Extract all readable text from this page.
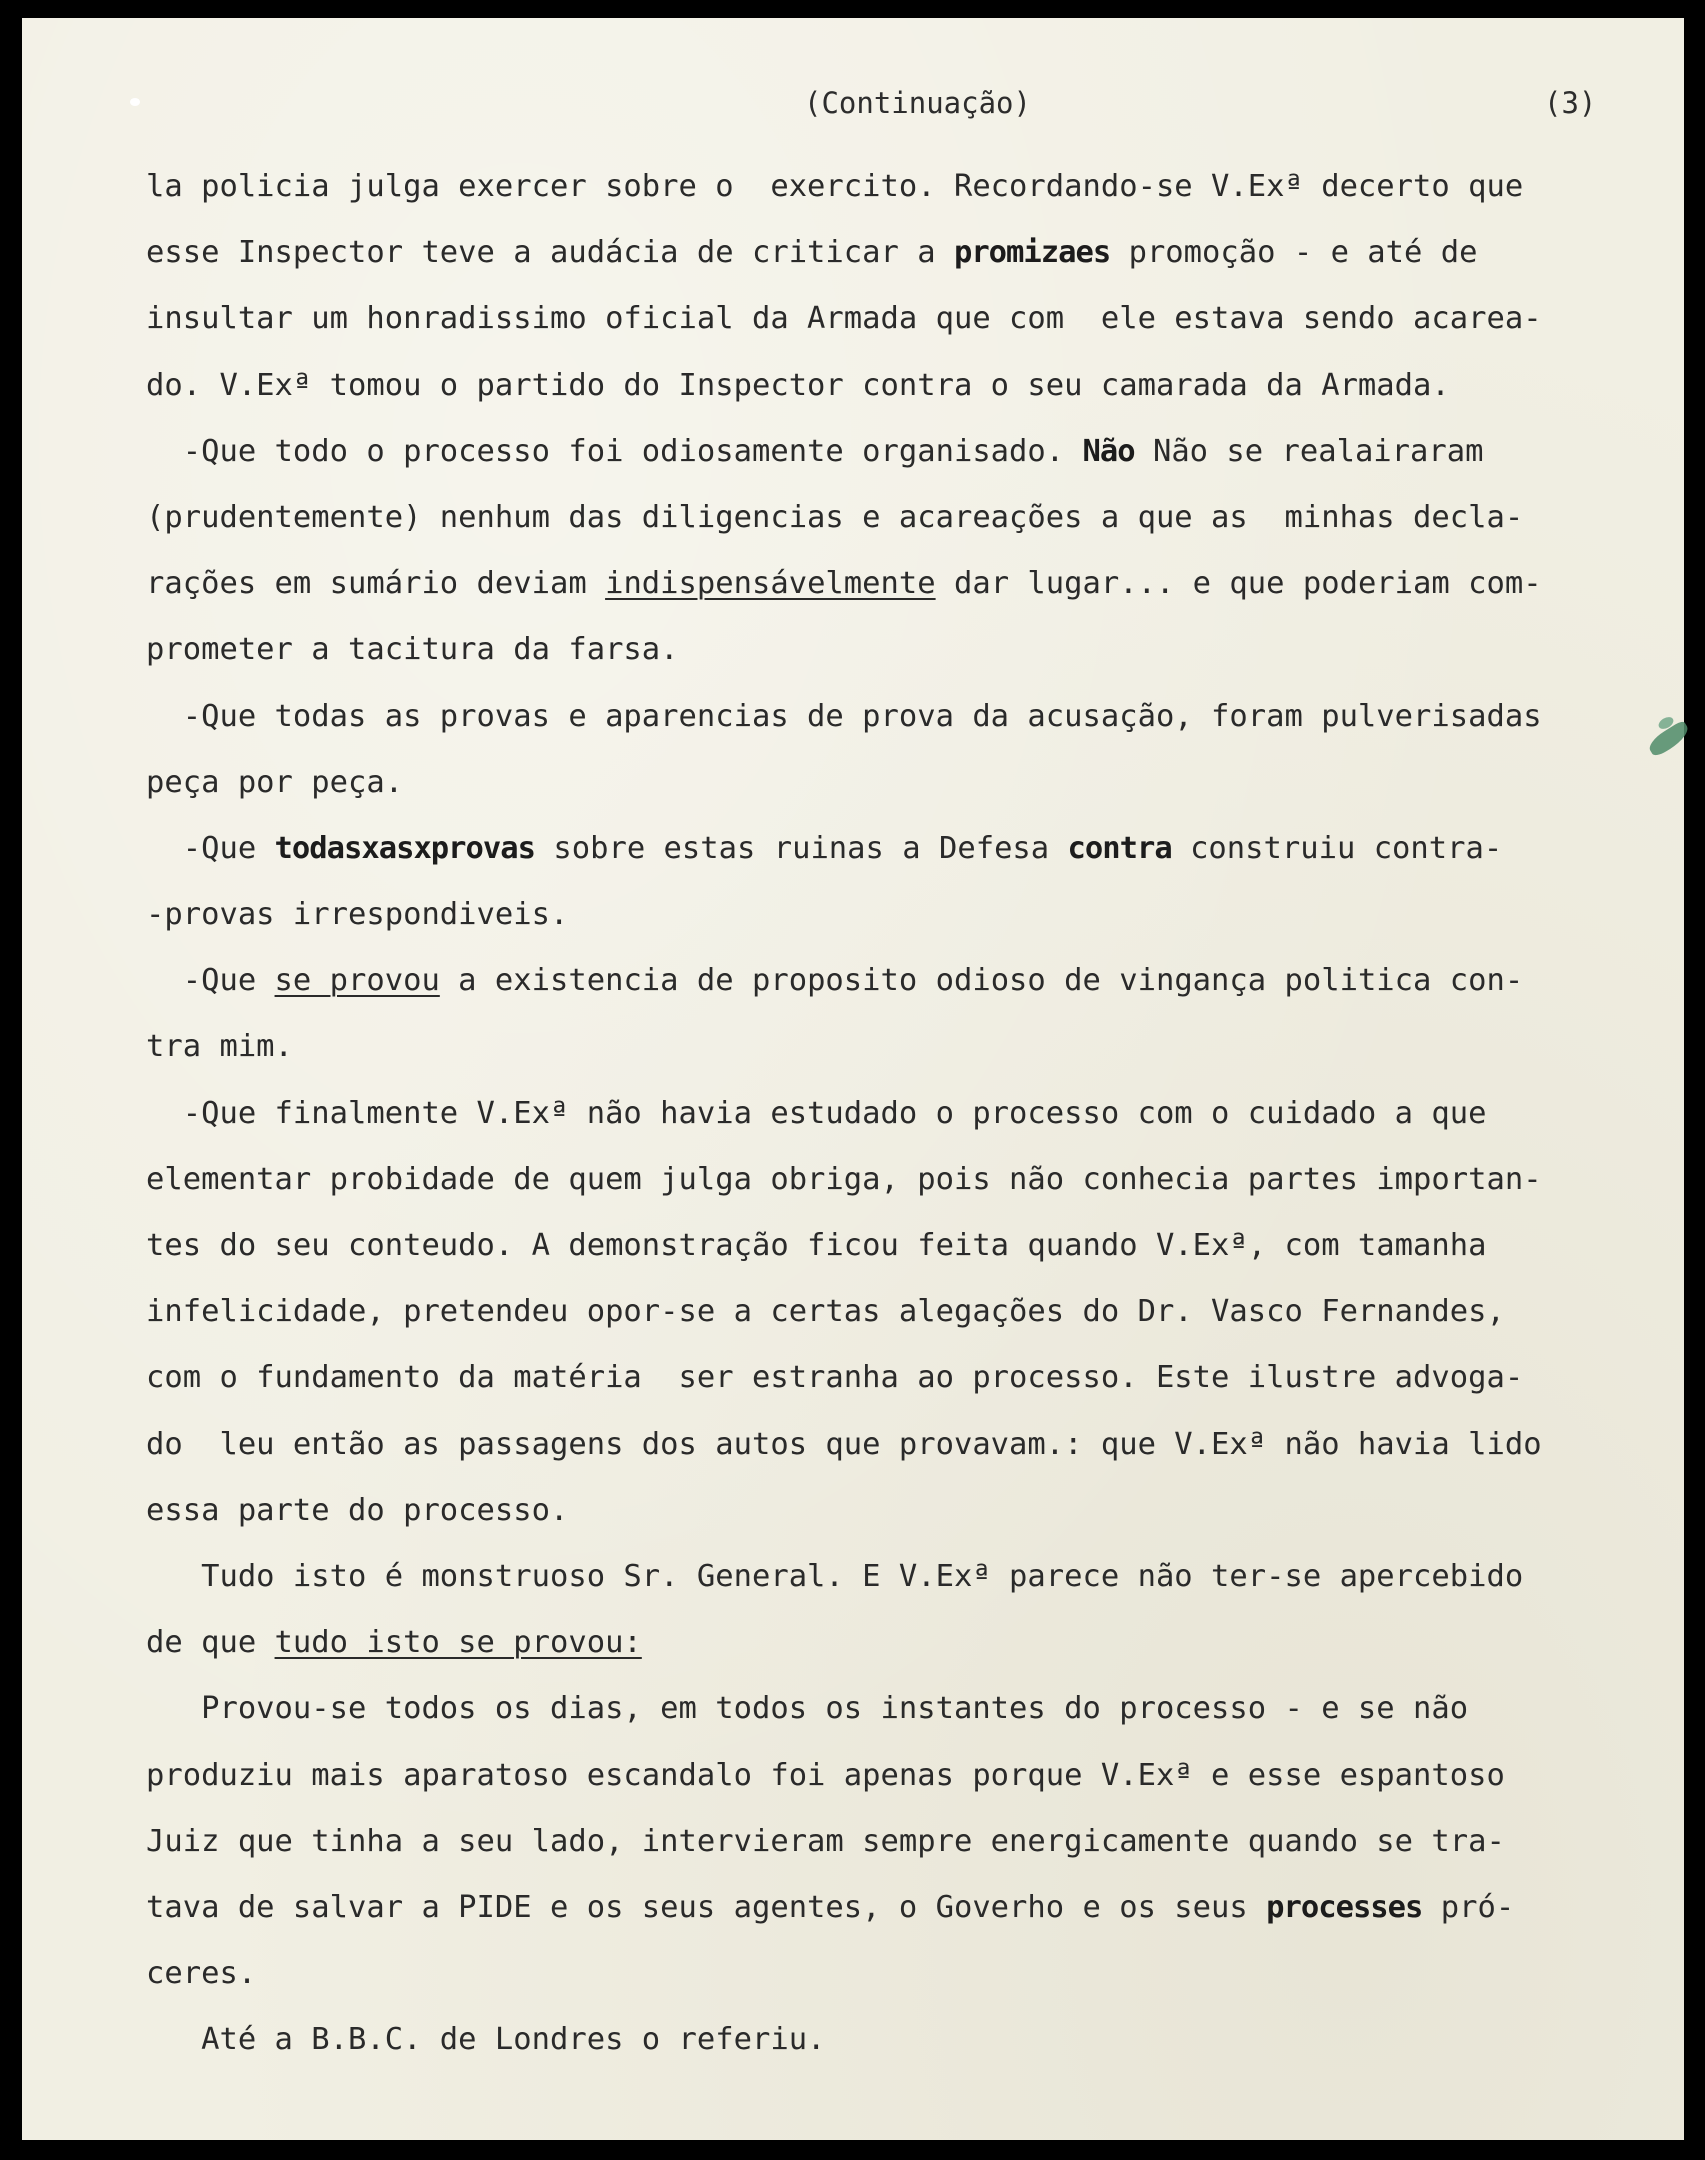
(Continuação)	(3)
la policia julga exercer sobre o  exercito. Recordando-se V.Exª decerto que
esse Inspector teve a audácia de criticar a promizaes promoção - e até de
insultar um honradissimo oficial da Armada que com  ele estava sendo acarea-
do. V.Exª tomou o partido do Inspector contra o seu camarada da Armada.
-Que todo o processo foi odiosamente organisado. Não Não se realairaram
(prudentemente) nenhum das diligencias e acareações a que as  minhas decla-
rações em sumário deviam indispensávelmente dar lugar... e que poderiam com-
prometer a tacitura da farsa.
-Que todas as provas e aparencias de prova da acusação, foram pulverisadas
peça por peça.
-Que todasxasxprovas sobre estas ruinas a Defesa contra construiu contra-
-provas irrespondiveis.
-Que se provou a existencia de proposito odioso de vingança politica con-
tra mim.
-Que finalmente V.Exª não havia estudado o processo com o cuidado a que
elementar probidade de quem julga obriga, pois não conhecia partes importan-
tes do seu conteudo. A demonstração ficou feita quando V.Exª, com tamanha
infelicidade, pretendeu opor-se a certas alegações do Dr. Vasco Fernandes,
com o fundamento da matéria  ser estranha ao processo. Este ilustre advoga-
do  leu então as passagens dos autos que provavam.: que V.Exª não havia lido
essa parte do processo.
Tudo isto é monstruoso Sr. General. E V.Exª parece não ter-se apercebido
de que tudo isto se provou:
Provou-se todos os dias, em todos os instantes do processo - e se não
produziu mais aparatoso escandalo foi apenas porque V.Exª e esse espantoso
Juiz que tinha a seu lado, intervieram sempre energicamente quando se tra-
tava de salvar a PIDE e os seus agentes, o Goverho e os seus processes pró-
ceres.
Até a B.B.C. de Londres o referiu.
